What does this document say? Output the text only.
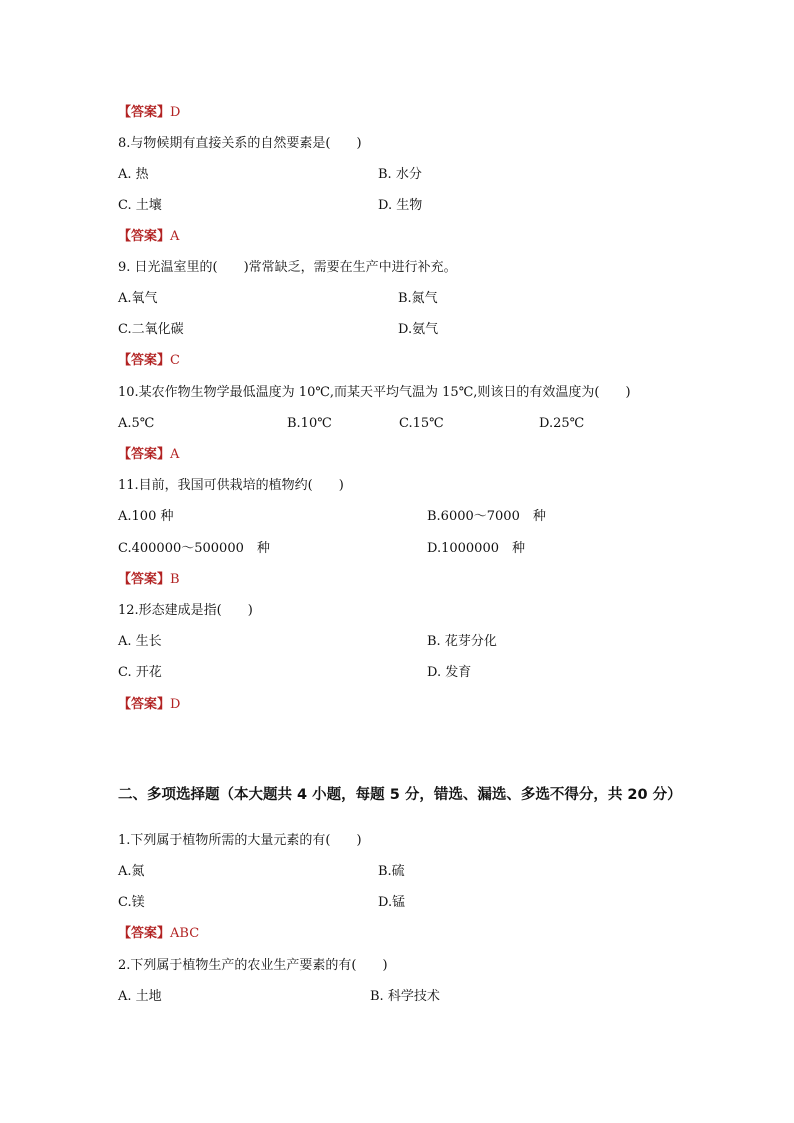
【答案】D
8.与物候期有直接关系的自然要素是(　　)
A. 热	B. 水分
C. 土壤	D. 生物
【答案】A
9. 日光温室里的(　　)常常缺乏，需要在生产中进行补充。
A.氧气	B.氮气
C.二氧化碳	D.氨气
【答案】C
10.某农作物生物学最低温度为 10℃,而某天平均气温为 15℃,则该日的有效温度为(　　)
A.5℃	B.10℃	C.15℃	D.25℃
【答案】A
11.目前，我国可供栽培的植物约(　　)
A.100 种	B.6000～7000　种
C.400000～500000　种	D.1000000　种
【答案】B
12.形态建成是指(　　)
A. 生长	B. 花芽分化
C. 开花	D. 发育
【答案】D
二、多项选择题（本大题共 4 小题，每题 5 分，错选、漏选、多选不得分，共 20 分）
1.下列属于植物所需的大量元素的有(　　)
A.氮	B.硫
C.镁	D.锰
【答案】ABC
2.下列属于植物生产的农业生产要素的有(　　)
A. 土地	B. 科学技术
